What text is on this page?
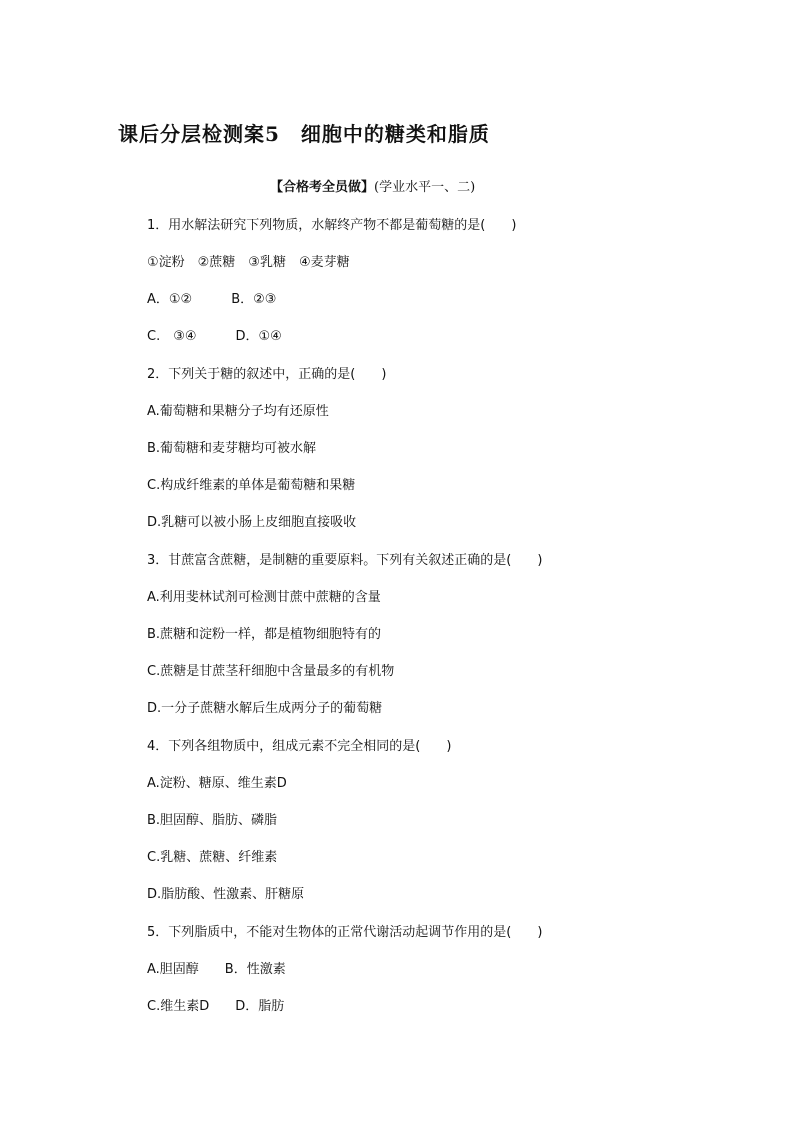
课后分层检测案5　细胞中的糖类和脂质
【合格考全员做】(学业水平一、二)
1．用水解法研究下列物质，水解终产物不都是葡萄糖的是(　　)
①淀粉　②蔗糖　③乳糖　④麦芽糖
A．①②　　　B．②③
C.　③④　　　D．①④
2．下列关于糖的叙述中，正确的是(　　)
A.葡萄糖和果糖分子均有还原性
B.葡萄糖和麦芽糖均可被水解
C.构成纤维素的单体是葡萄糖和果糖
D.乳糖可以被小肠上皮细胞直接吸收
3．甘蔗富含蔗糖，是制糖的重要原料。下列有关叙述正确的是(　　)
A.利用斐林试剂可检测甘蔗中蔗糖的含量
B.蔗糖和淀粉一样，都是植物细胞特有的
C.蔗糖是甘蔗茎秆细胞中含量最多的有机物
D.一分子蔗糖水解后生成两分子的葡萄糖
4．下列各组物质中，组成元素不完全相同的是(　　)
A.淀粉、糖原、维生素D
B.胆固醇、脂肪、磷脂
C.乳糖、蔗糖、纤维素
D.脂肪酸、性激素、肝糖原
5．下列脂质中，不能对生物体的正常代谢活动起调节作用的是(　　)
A.胆固醇　　B．性激素
C.维生素D　　D．脂肪
